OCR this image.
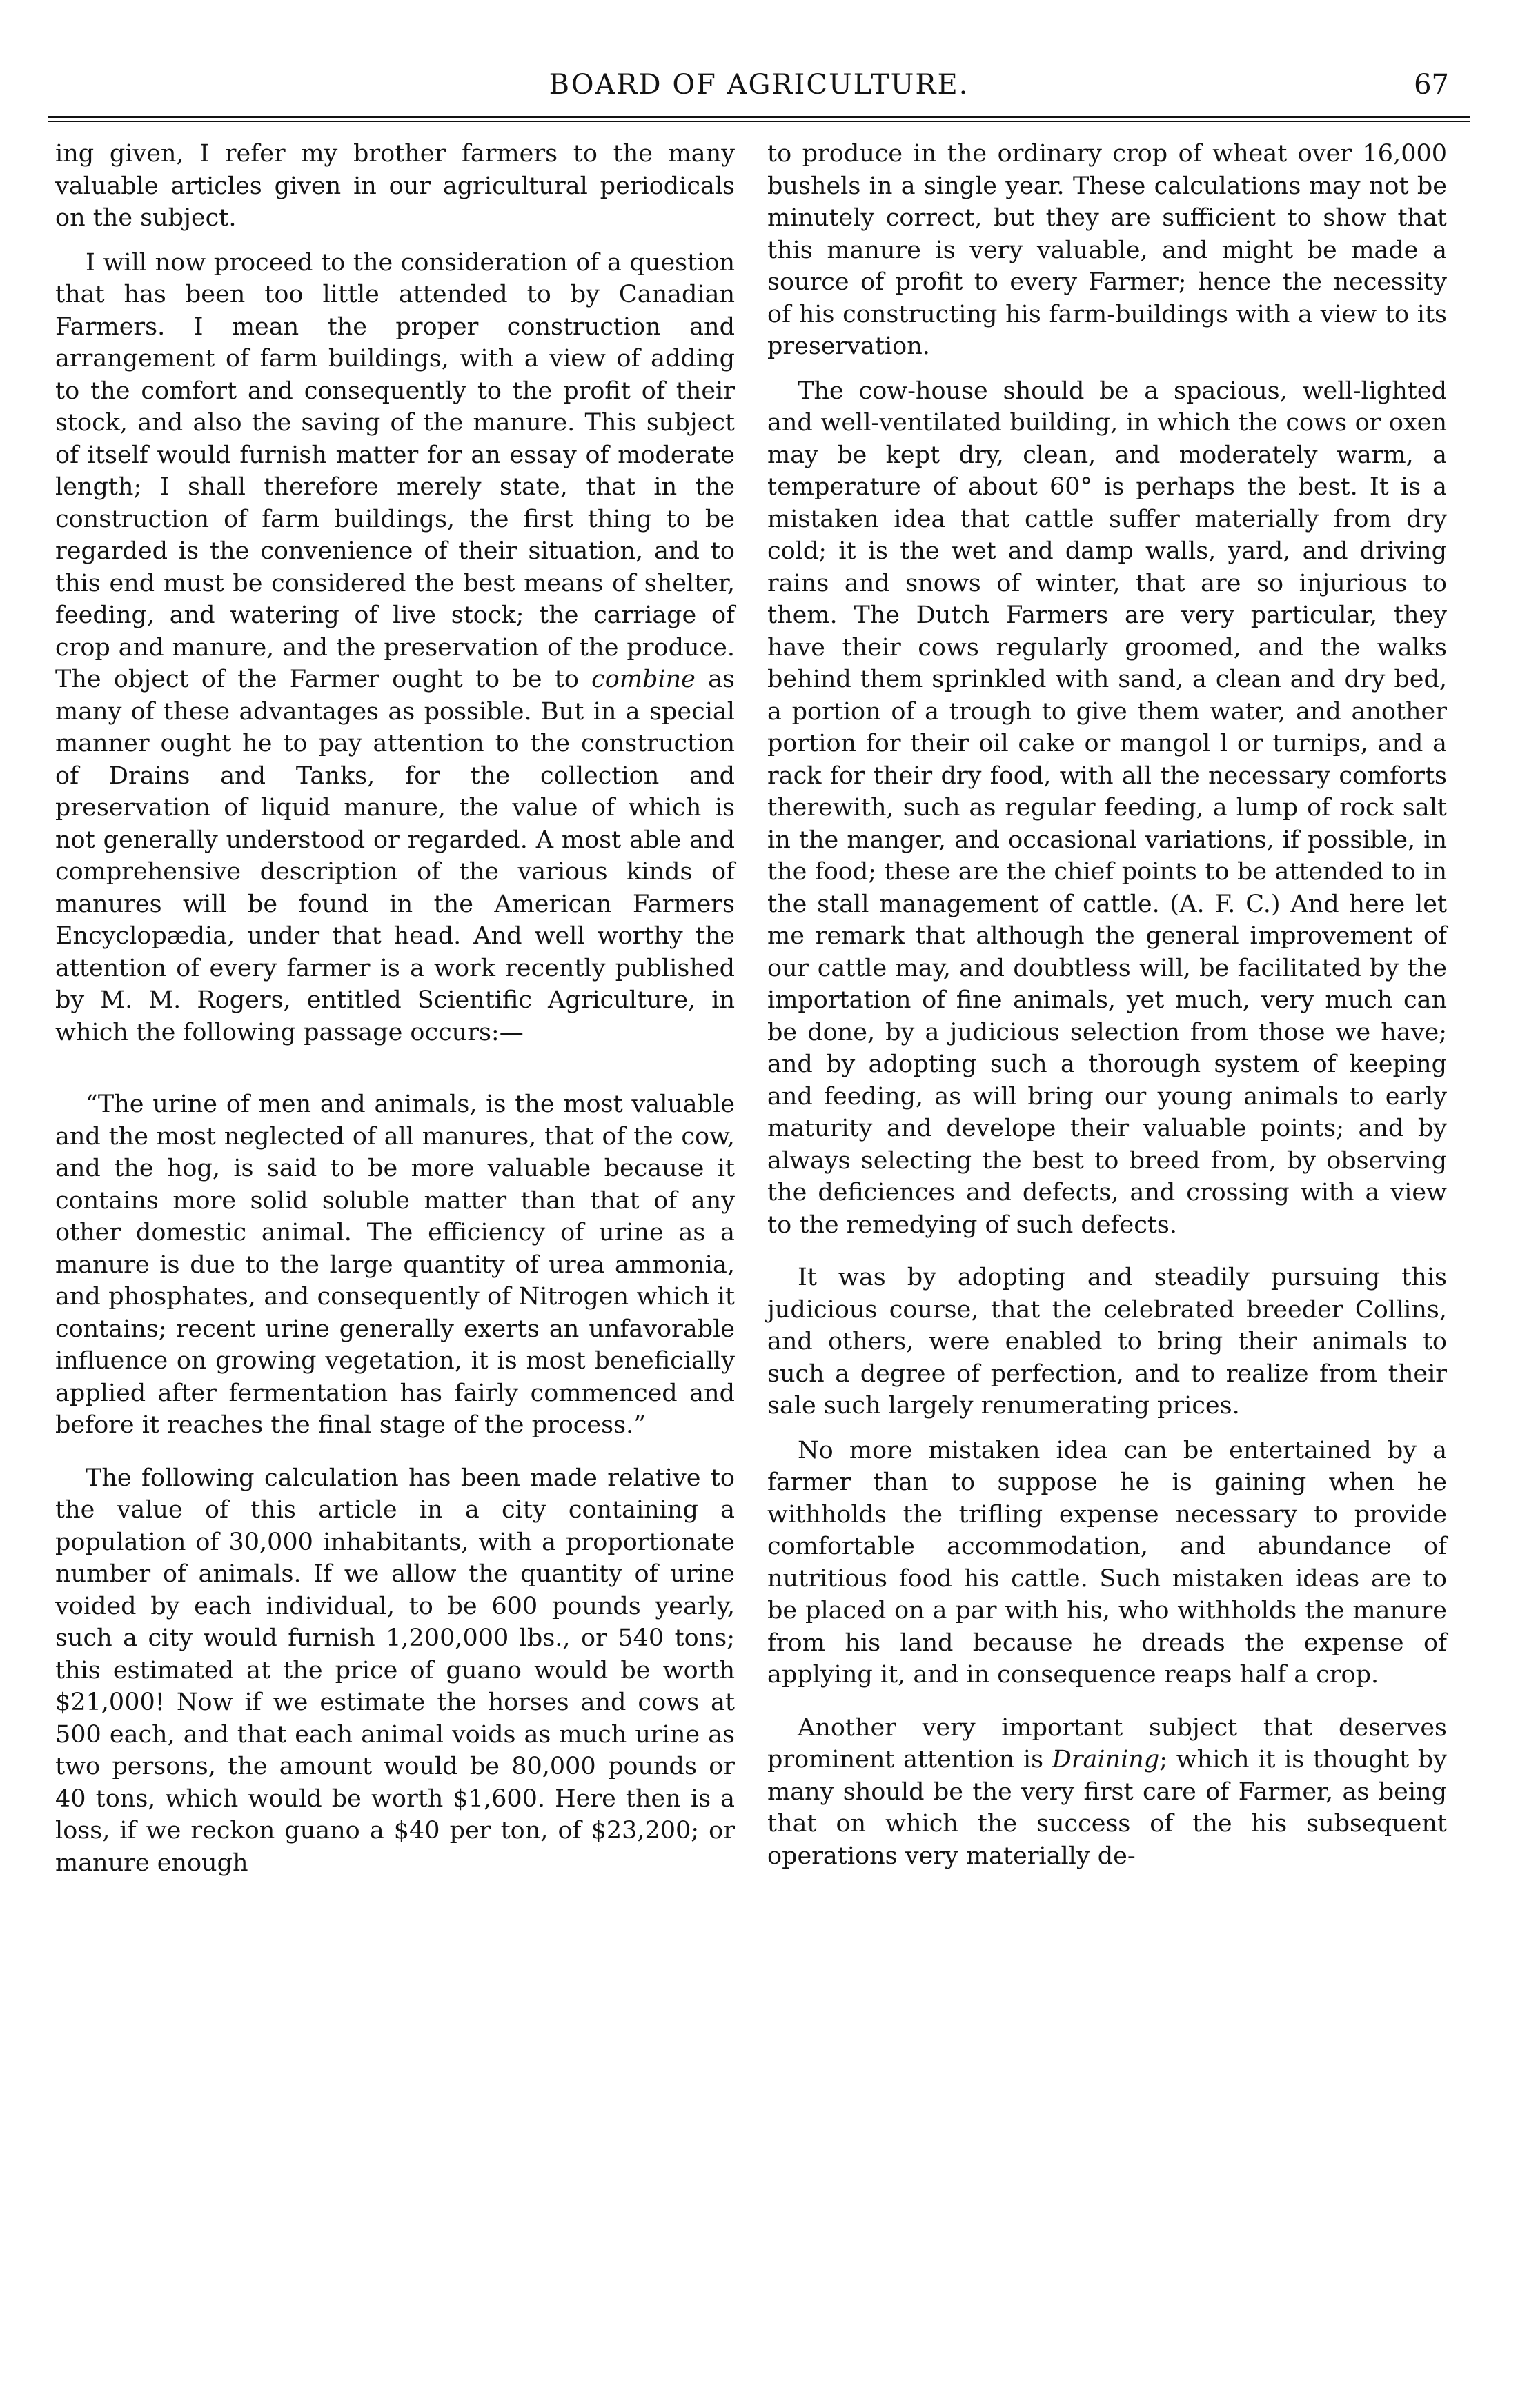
BOARD OF AGRICULTURE.	67

ing given, I refer my brother farmers to the many valuable articles given in our agricultural periodicals on the subject.

I will now proceed to the consideration of a question that has been too little attended to by Canadian Farmers. I mean the proper construction and arrangement of farm buildings, with a view of adding to the comfort and consequently to the profit of their stock, and also the saving of the manure. This subject of itself would furnish matter for an essay of moderate length; I shall therefore merely state, that in the construction of farm buildings, the first thing to be regarded is the convenience of their situation, and to this end must be considered the best means of shelter, feeding, and watering of live stock; the carriage of crop and manure, and the preservation of the produce. The object of the Farmer ought to be to combine as many of these advantages as possible. But in a special manner ought he to pay attention to the construction of Drains and Tanks, for the collection and preservation of liquid manure, the value of which is not generally understood or regarded. A most able and comprehensive description of the various kinds of manures will be found in the American Farmers Encyclopædia, under that head. And well worthy the attention of every farmer is a work recently published by M. M. Rogers, entitled Scientific Agriculture, in which the following passage occurs:—

“The urine of men and animals, is the most valuable and the most neglected of all manures, that of the cow, and the hog, is said to be more valuable because it contains more solid soluble matter than that of any other domestic animal. The efficiency of urine as a manure is due to the large quantity of urea ammonia, and phosphates, and consequently of Nitrogen which it contains; recent urine generally exerts an unfavorable influence on growing vegetation, it is most beneficially applied after fermentation has fairly commenced and before it reaches the final stage of the process.”

The following calculation has been made relative to the value of this article in a city containing a population of 30,000 inhabitants, with a proportionate number of animals. If we allow the quantity of urine voided by each individual, to be 600 pounds yearly, such a city would furnish 1,200,000 lbs., or 540 tons; this estimated at the price of guano would be worth $21,000! Now if we estimate the horses and cows at 500 each, and that each animal voids as much urine as two persons, the amount would be 80,000 pounds or 40 tons, which would be worth $1,600. Here then is a loss, if we reckon guano a $40 per ton, of $23,200; or manure enough

to produce in the ordinary crop of wheat over 16,000 bushels in a single year. These calculations may not be minutely correct, but they are sufficient to show that this manure is very valuable, and might be made a source of profit to every Farmer; hence the necessity of his constructing his farm-buildings with a view to its preservation.

The cow-house should be a spacious, well-lighted and well-ventilated building, in which the cows or oxen may be kept dry, clean, and moderately warm, a temperature of about 60° is perhaps the best. It is a mistaken idea that cattle suffer materially from dry cold; it is the wet and damp walls, yard, and driving rains and snows of winter, that are so injurious to them. The Dutch Farmers are very particular, they have their cows regularly groomed, and the walks behind them sprinkled with sand, a clean and dry bed, a portion of a trough to give them water, and another portion for their oil cake or mangol l or turnips, and a rack for their dry food, with all the necessary comforts therewith, such as regular feeding, a lump of rock salt in the manger, and occasional variations, if possible, in the food; these are the chief points to be attended to in the stall management of cattle. (A. F. C.) And here let me remark that although the general improvement of our cattle may, and doubtless will, be facilitated by the importation of fine animals, yet much, very much can be done, by a judicious selection from those we have; and by adopting such a thorough system of keeping and feeding, as will bring our young animals to early maturity and develope their valuable points; and by always selecting the best to breed from, by observing the deficiences and defects, and crossing with a view to the remedying of such defects.

It was by adopting and steadily pursuing this judicious course, that the celebrated breeder Collins, and others, were enabled to bring their animals to such a degree of perfection, and to realize from their sale such largely renumerating prices.

No more mistaken idea can be entertained by a farmer than to suppose he is gaining when he withholds the trifling expense necessary to provide comfortable accommodation, and abundance of nutritious food his cattle. Such mistaken ideas are to be placed on a par with his, who withholds the manure from his land because he dreads the expense of applying it, and in consequence reaps half a crop.

Another very important subject that deserves prominent attention is Draining; which it is thought by many should be the very first care of Farmer, as being that on which the success of the his subsequent operations very materially de-
